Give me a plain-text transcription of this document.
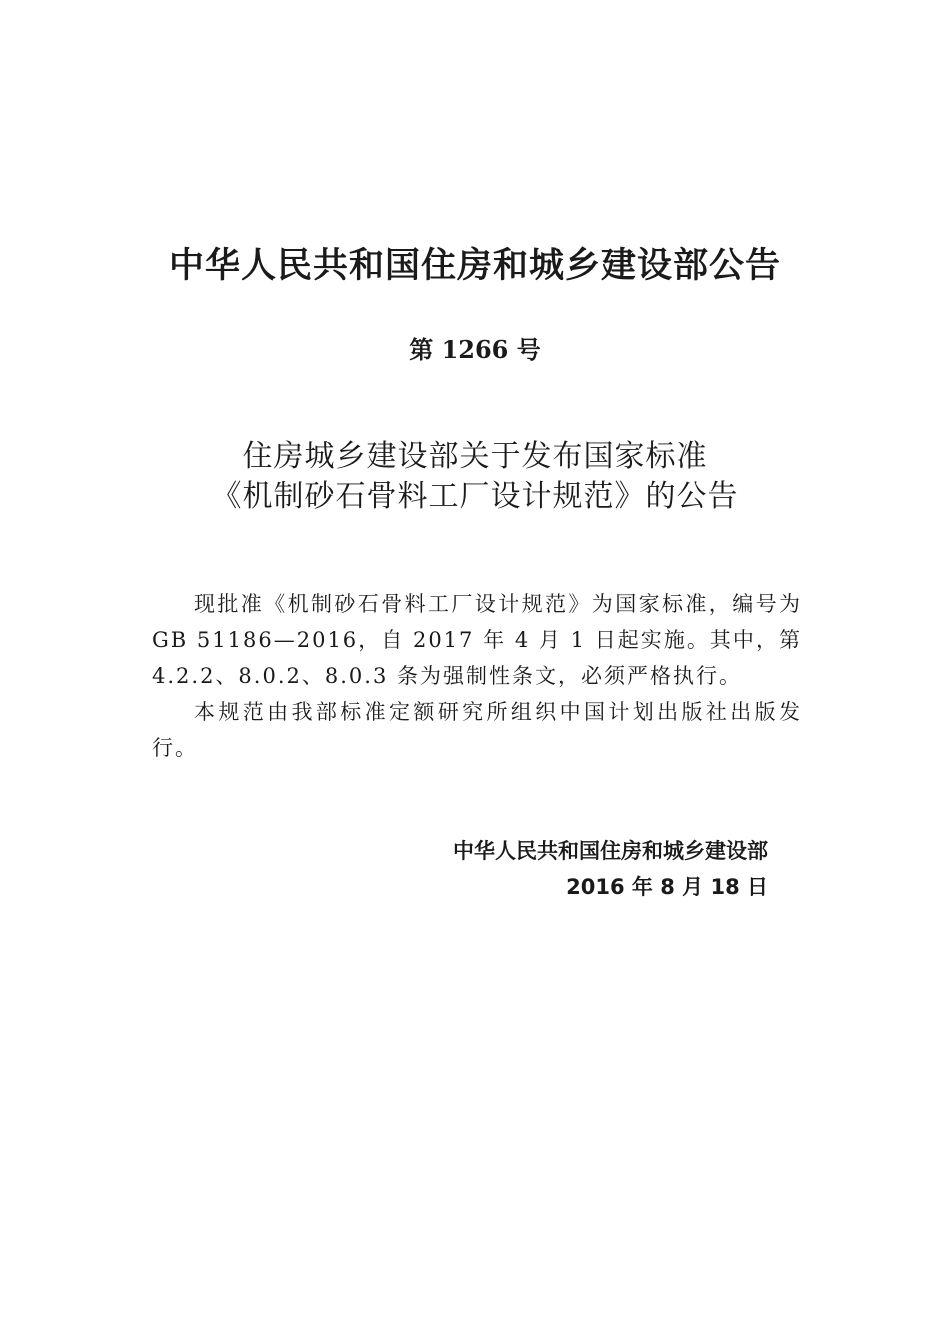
中华人民共和国住房和城乡建设部公告
第 1266 号
住房城乡建设部关于发布国家标准
《机制砂石骨料工厂设计规范》的公告

现批准《机制砂石骨料工厂设计规范》为国家标准，编号为GB 51186—2016，自 2017 年 4 月 1 日起实施。其中，第 4.2.2、8.0.2、8.0.3 条为强制性条文，必须严格执行。

本规范由我部标准定额研究所组织中国计划出版社出版发行。

中华人民共和国住房和城乡建设部
2016 年 8 月 18 日
